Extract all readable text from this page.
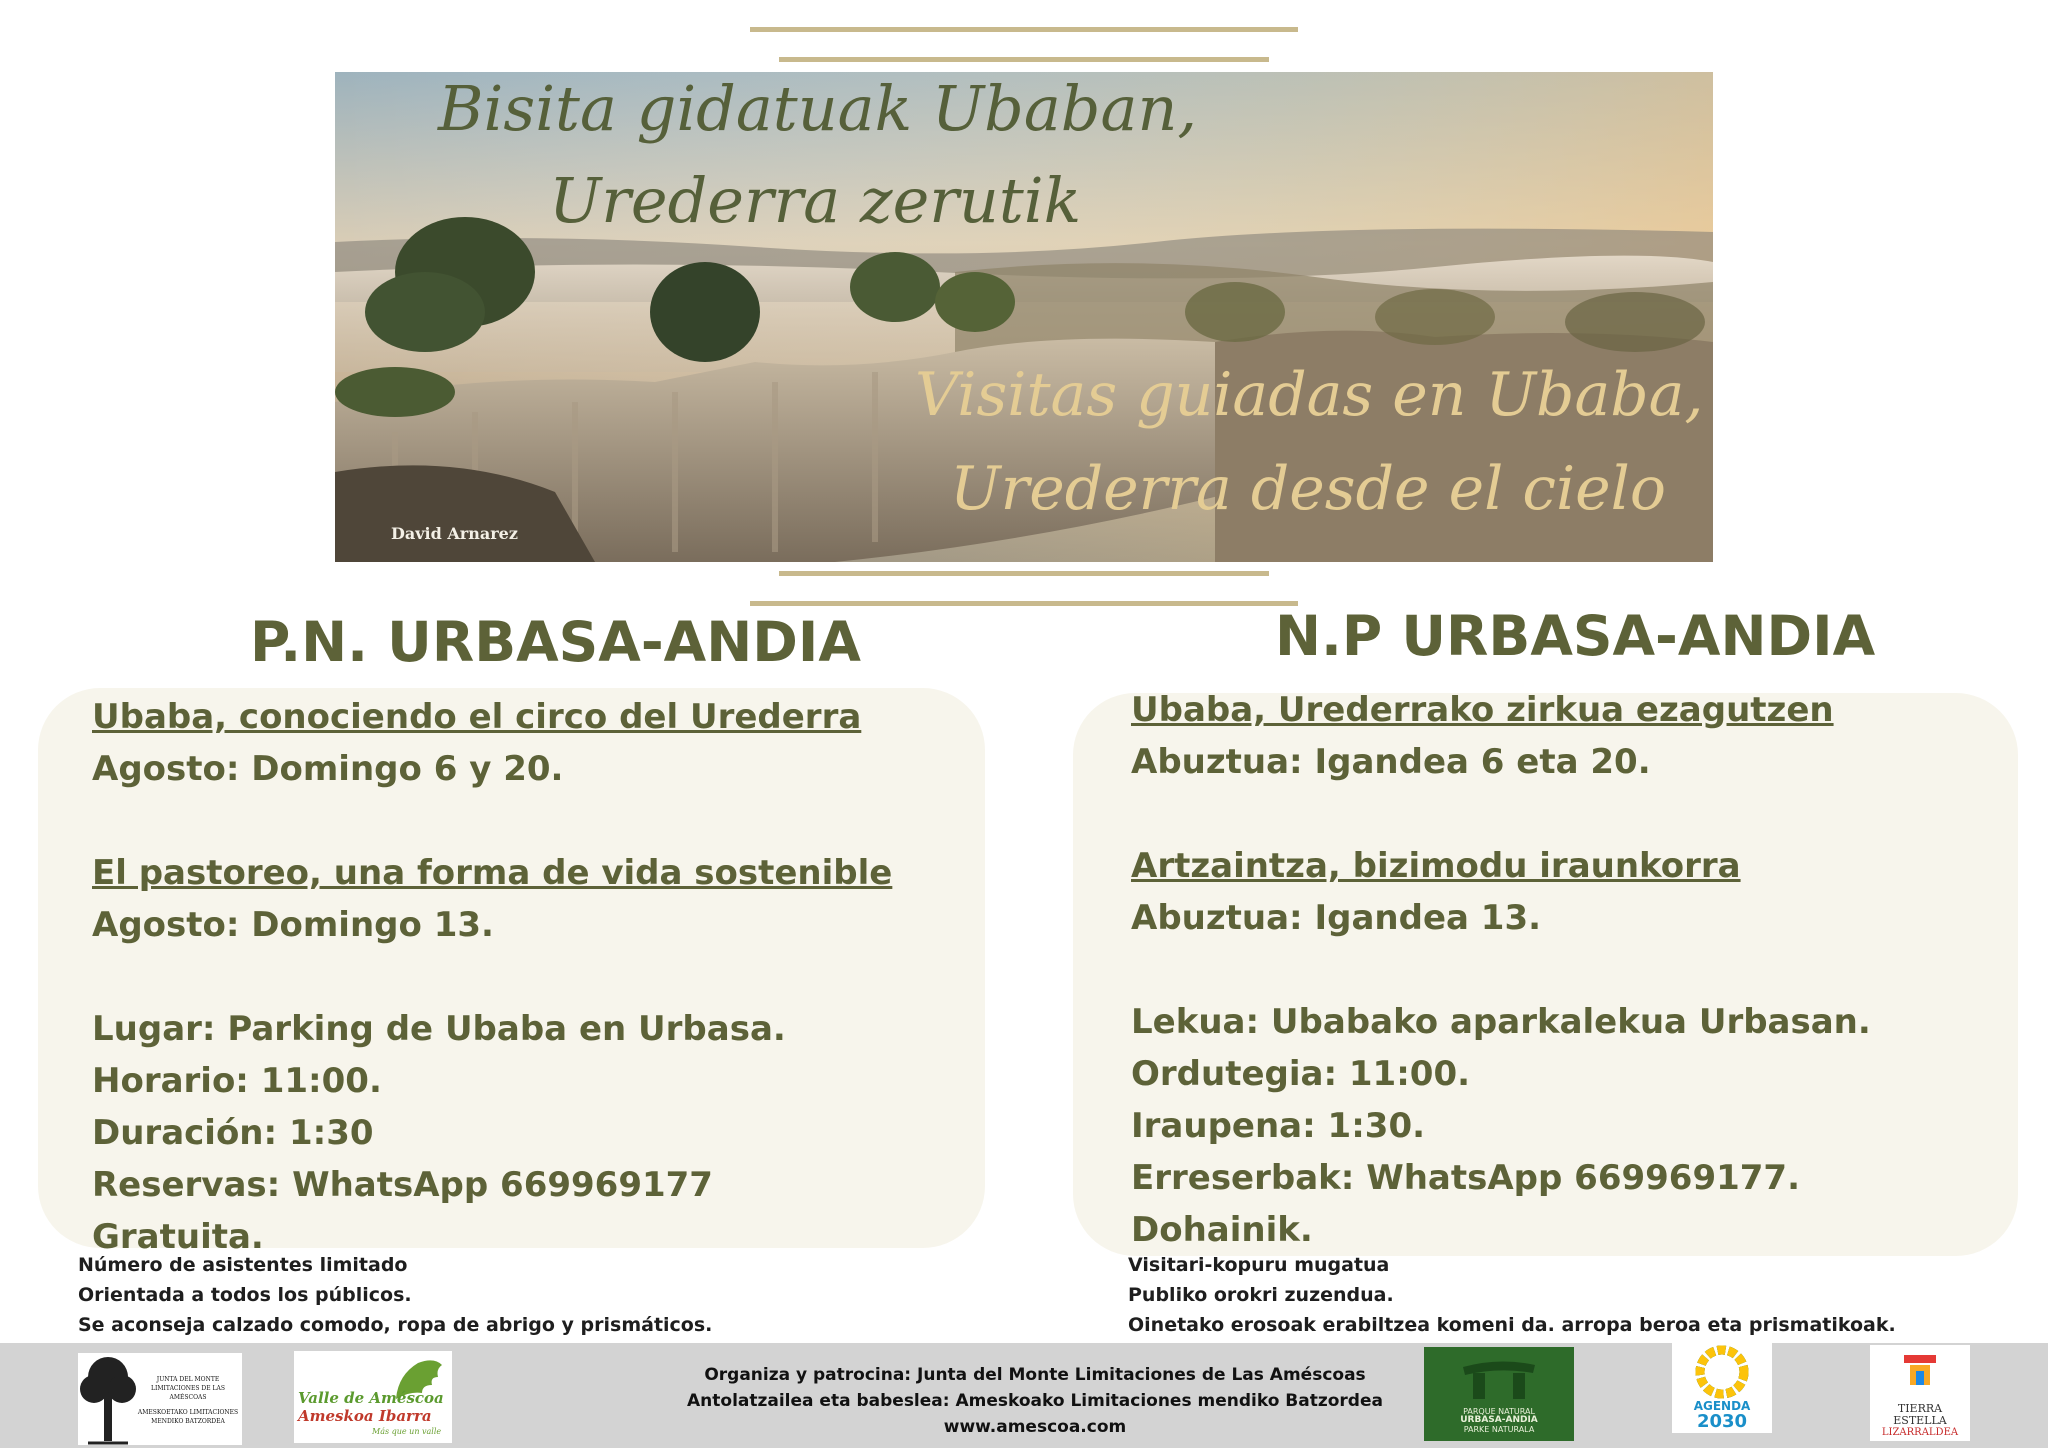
Bisita gidatuak Ubaban,
Urederra zerutik
Visitas guiadas en Ubaba,
Urederra desde el cielo
David Arnarez
P.N. URBASA-ANDIA	N.P URBASA-ANDIA
Ubaba, conociendo el circo del Urederra
Agosto: Domingo 6 y 20.
El pastoreo, una forma de vida sostenible
Agosto: Domingo 13.
Lugar: Parking de Ubaba en Urbasa.
Horario: 11:00.
Duración: 1:30
Reservas: WhatsApp 669969177
Gratuita.
Ubaba, Urederrako zirkua ezagutzen
Abuztua: Igandea 6 eta 20.
Artzaintza, bizimodu iraunkorra
Abuztua: Igandea 13.
Lekua: Ubabako aparkalekua Urbasan.
Ordutegia: 11:00.
Iraupena: 1:30.
Erreserbak: WhatsApp 669969177.
Dohainik.
Número de asistentes limitado
Orientada a todos los públicos.
Se aconseja calzado comodo, ropa de abrigo y prismáticos.
Visitari-kopuru mugatua
Publiko orokri zuzendua.
Oinetako erosoak erabiltzea komeni da. arropa beroa eta prismatikoak.
JUNTA DEL MONTE
LIMITACIONES DE LAS AMÉSCOAS
AMESKOETAKO LIMITACIONES
MENDIKO BATZORDEA
Valle de Améscoa
Ameskoa Ibarra
Más que un valle
Organiza y patrocina: Junta del Monte Limitaciones de Las Améscoas
Antolatzailea eta babeslea: Ameskoako Limitaciones mendiko Batzordea
www.amescoa.com
PARQUE NATURAL
URBASA-ANDIA
PARKE NATURALA
AGENDA
2030
TIERRA ESTELLA
LIZARRALDEA
